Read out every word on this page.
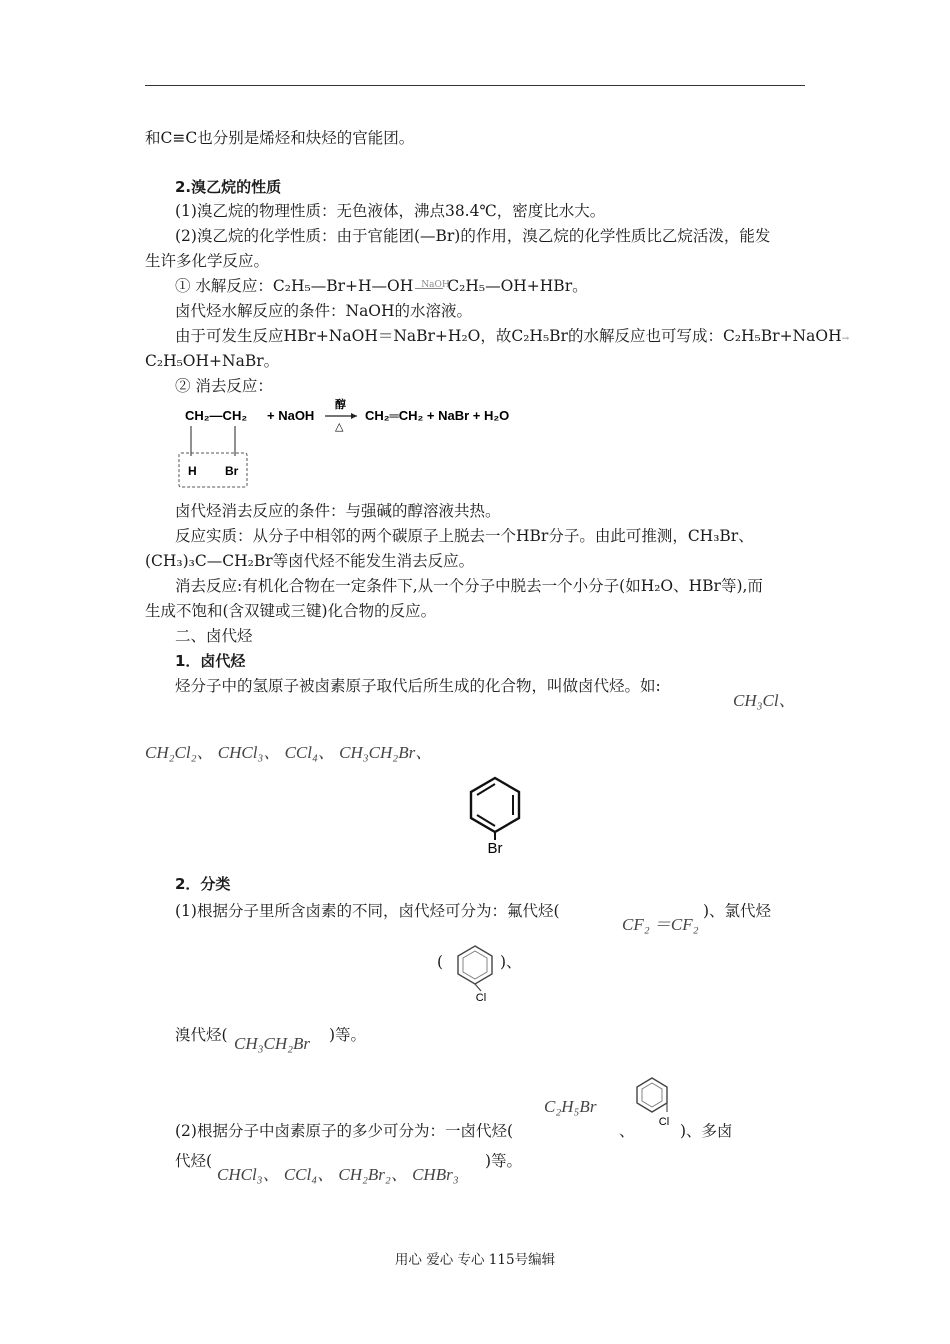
和C≡C也分别是烯烃和炔烃的官能团。
2.溴乙烷的性质
(1)溴乙烷的物理性质：无色液体，沸点38.4℃，密度比水大。
(2)溴乙烷的化学性质：由于官能团(—Br)的作用，溴乙烷的化学性质比乙烷活泼，能发
生许多化学反应。
① 水解反应：C₂H₅—Br+H—OH NaOH
C₂H₅—OH+HBr。
卤代烃水解反应的条件：NaOH的水溶液。
由于可发生反应HBr+NaOH＝NaBr+H₂O，故C₂H₅Br的水解反应也可写成：C₂H₅Br+NaOH→
C₂H₅OH+NaBr。
② 消去反应：
CH₂—CH₂ + NaOH
醇
△
CH₂═CH₂ + NaBr + H₂O
H Br
卤代烃消去反应的条件：与强碱的醇溶液共热。
反应实质：从分子中相邻的两个碳原子上脱去一个HBr分子。由此可推测，CH₃Br、
(CH₃)₃C—CH₂Br等卤代烃不能发生消去反应。
消去反应:有机化合物在一定条件下,从一个分子中脱去一个小分子(如H₂O、HBr等),而
生成不饱和(含双键或三键)化合物的反应。
二、卤代烃
1．卤代烃
烃分子中的氢原子被卤素原子取代后所生成的化合物，叫做卤代烃。如:
CH₃Cl、
CH₂Cl₂、 CHCl₃、 CCl₄、 CH₃CH₂Br、
Br
2．分类
(1)根据分子里所含卤素的不同，卤代烃可分为：氟代烃(
CF₂ ＝CF₂
)、氯代烃
(
Cl
)、
溴代烃( CH₃CH₂Br )等。
C₂H₅Br
Cl
(2)根据分子中卤素原子的多少可分为：一卤代烃(	、	)、多卤
代烃(
CHCl₃、 CCl₄、 CH₂Br₂、 CHBr₃
)等。
用心 爱心 专心 115号编辑
